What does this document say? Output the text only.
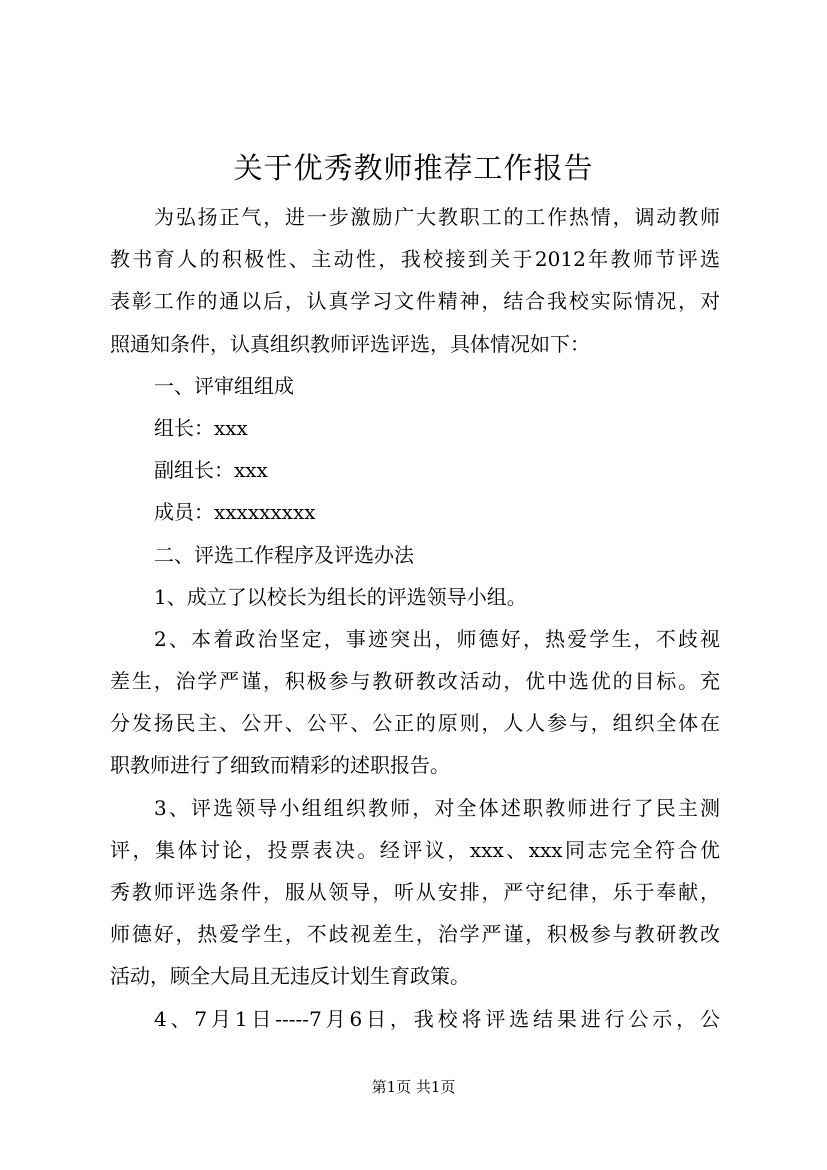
关于优秀教师推荐工作报告
为弘扬正气，进一步激励广大教职工的工作热情，调动教师
教书育人的积极性、主动性，我校接到关于2012年教师节评选
表彰工作的通以后，认真学习文件精神，结合我校实际情况，对
照通知条件，认真组织教师评选评选，具体情况如下：
一、评审组组成
组长：xxx
副组长：xxx
成员：xxxxxxxxx
二、评选工作程序及评选办法
1、成立了以校长为组长的评选领导小组。
2、本着政治坚定，事迹突出，师德好，热爱学生，不歧视
差生，治学严谨，积极参与教研教改活动，优中选优的目标。充
分发扬民主、公开、公平、公正的原则，人人参与，组织全体在
职教师进行了细致而精彩的述职报告。
3、评选领导小组组织教师，对全体述职教师进行了民主测
评，集体讨论，投票表决。经评议，xxx、xxx同志完全符合优
秀教师评选条件，服从领导，听从安排，严守纪律，乐于奉献，
师德好，热爱学生，不歧视差生，治学严谨，积极参与教研教改
活动，顾全大局且无违反计划生育政策。
4、7月1日-----7月6日，我校将评选结果进行公示，公
第1页 共1页
